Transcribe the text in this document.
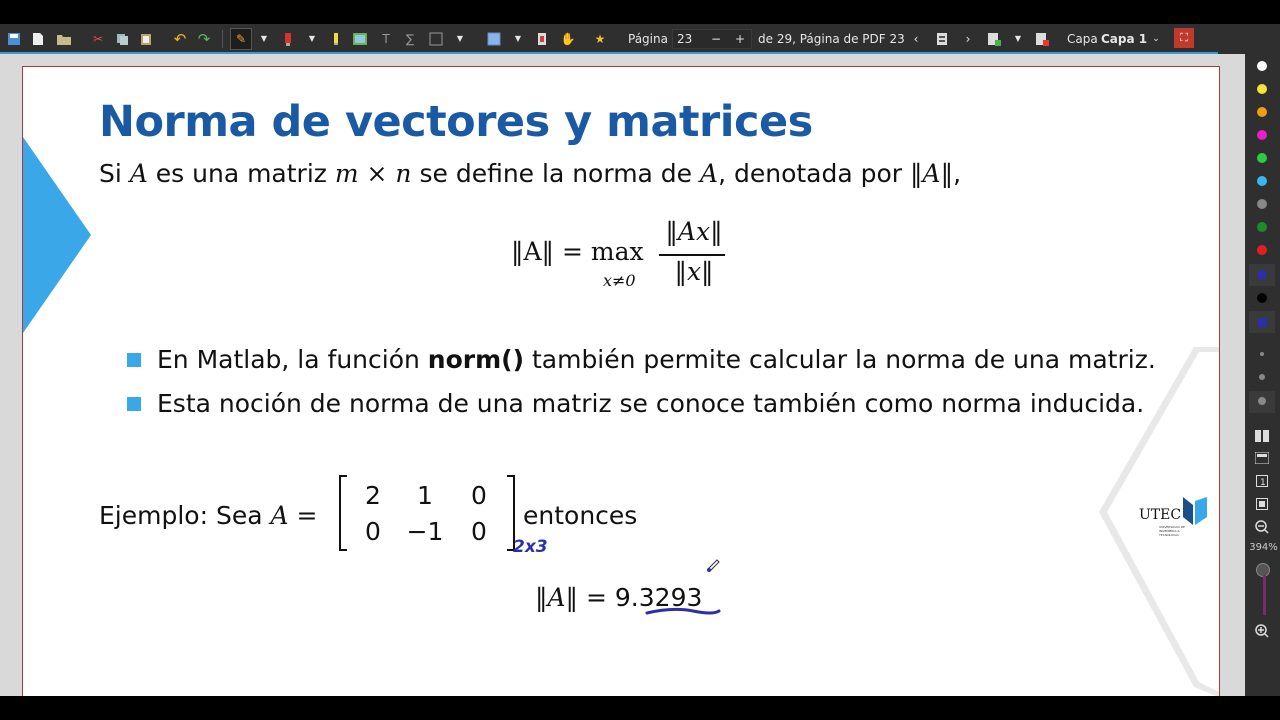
✂	↶ ↷ ✎ ▼	▼	T ∑	▼	▼	✋ ★ Página 23 − + de 29, Página de PDF 23 ‹	›	▼	Capa Capa 1 ⌄ ⛶
UTEC
UNIVERSIDAD DE INGENIERÍA & TECNOLOGÍA
Norma de vectores y matrices
Si A es una matriz m × n se define la norma de A, denotada por ‖A‖,
‖A‖ = max
x≠0
‖Ax‖
‖x‖
En Matlab, la función norm() también permite calcular la norma de una matriz.
Esta noción de norma de una matriz se conoce también como norma inducida.
Ejemplo: Sea A =
2	1	0
0	−1	0
entonces
2x3
‖A‖ = 9.3293
1
394%
